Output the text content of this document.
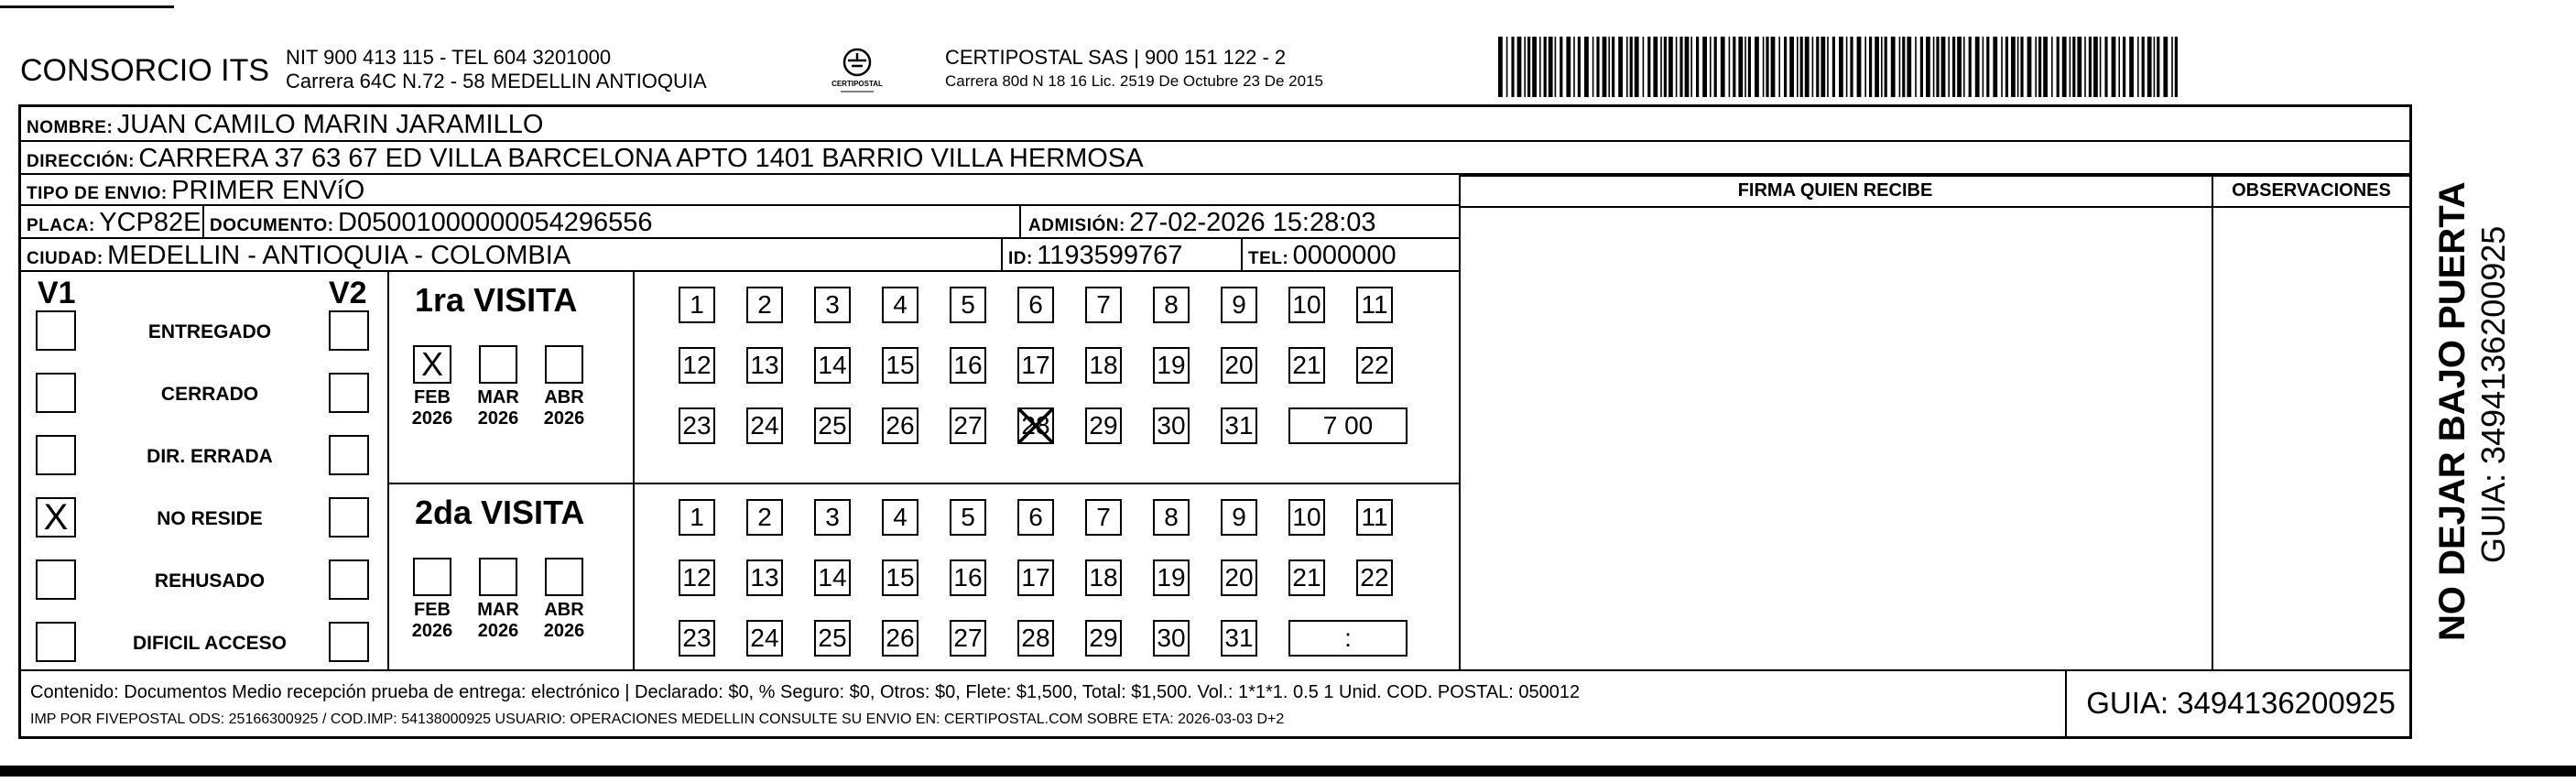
CONSORCIO ITS NIT 900 413 115 - TEL 604 3201000
Carrera 64C N.72 - 58 MEDELLIN ANTIOQUIA	CERTIPOSTAL
CERTIPOSTAL SAS | 900 151 122 - 2
Carrera 80d N 18 16 Lic. 2519 De Octubre 23 De 2015
NOMBRE: JUAN CAMILO MARIN JARAMILLO
DIRECCIÓN: CARRERA 37 63 67 ED VILLA BARCELONA APTO 1401 BARRIO VILLA HERMOSA
TIPO DE ENVIO: PRIMER ENVíO
PLACA: YCP82E DOCUMENTO: D05001000000054296556	ADMISIÓN: 27-02-2026 15:28:03
CIUDAD: MEDELLIN - ANTIOQUIA - COLOMBIA	ID: 1193599767	TEL: 0000000
FIRMA QUIEN RECIBE	OBSERVACIONES
V1	V2
ENTREGADO
CERRADO
DIR. ERRADA
X	NO RESIDE
REHUSADO
DIFICIL ACCESO
1ra VISITA
X
FEB
2026
MAR
2026
ABR
2026
1	2	3	4	5	6	7	8	9	10 11
12 13 14 15 16 17 18 19 20 21 22
23 24 25 26 27 28 29 30 31	7 00
2da VISITA
FEB
2026
MAR
2026
ABR
2026
1	2	3	4	5	6	7	8	9	10 11
12 13 14 15 16 17 18 19 20 21 22
23 24 25 26 27 28 29 30 31	:
Contenido: Documentos Medio recepción prueba de entrega: electrónico | Declarado: $0, % Seguro: $0, Otros: $0, Flete: $1,500, Total: $1,500. Vol.: 1*1*1. 0.5 1 Unid. COD. POSTAL: 050012
IMP POR FIVEPOSTAL ODS: 25166300925 / COD.IMP: 54138000925 USUARIO: OPERACIONES MEDELLIN CONSULTE SU ENVIO EN: CERTIPOSTAL.COM SOBRE ETA: 2026-03-03 D+2	GUIA: 3494136200925
NO DEJAR BAJO PUERTA GUIA: 3494136200925
